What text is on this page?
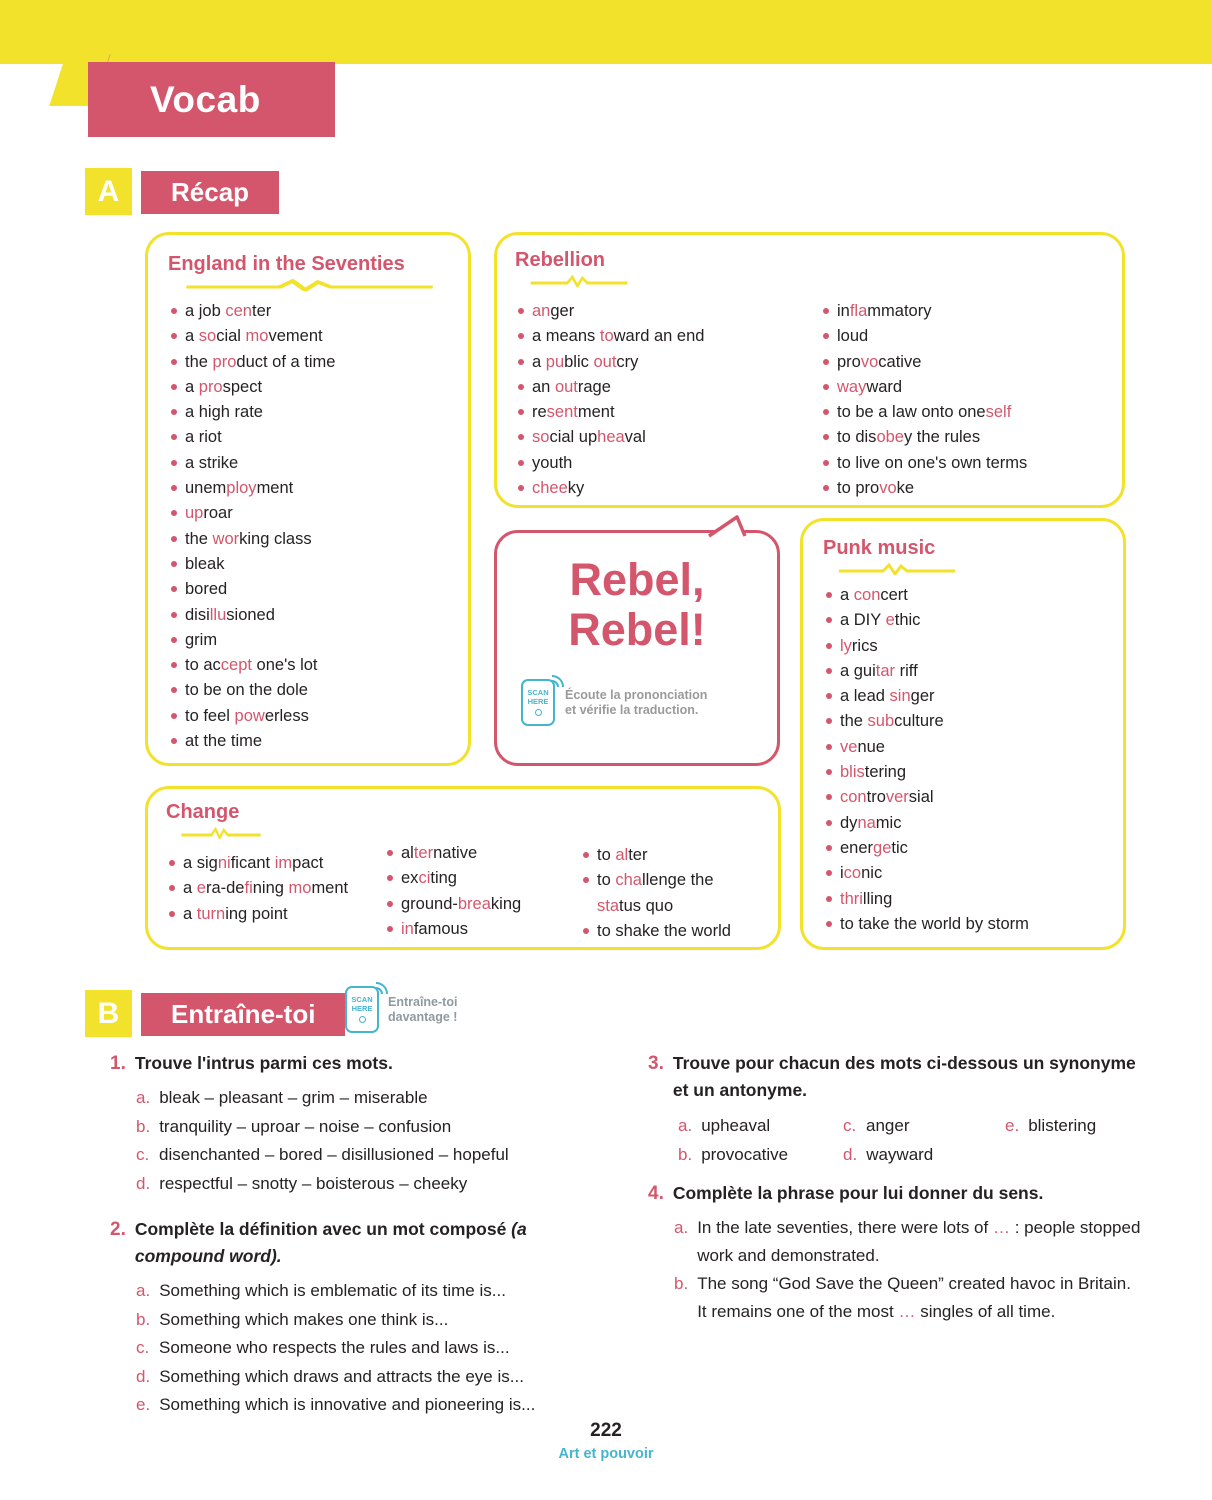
Vocab
A	Récap
England in the Seventies
a job center
a social movement
the product of a time
a prospect
a high rate
a riot
a strike
unemployment
uproar
the working class
bleak
bored
disillusioned
grim
to accept one's lot
to be on the dole
to feel powerless
at the time
Rebellion
anger
a means toward an end
a public outcry
an outrage
resentment
social upheaval
youth
cheeky
inflammatory
loud
provocative
wayward
to be a law onto oneself
to disobey the rules
to live on one's own terms
to provoke
Rebel,
Rebel!
SCAN HERE Écoute la prononciation et vérifie la traduction.
Punk music
a concert
a DIY ethic
lyrics
a guitar riff
a lead singer
the subculture
venue
blistering
controversial
dynamic
energetic
iconic
thrilling
to take the world by storm
Change
a significant impact
a era-defining moment
a turning point
alternative
exciting
ground-breaking
infamous
to alter
to challenge the status quo
to shake the world
B	Entraîne-toi	SCAN HERE Entraîne-toi davantage !
1. Trouve l'intrus parmi ces mots.
a. bleak – pleasant – grim – miserable
b. tranquility – uproar – noise – confusion
c. disenchanted – bored – disillusioned – hopeful
d. respectful – snotty – boisterous – cheeky
2. Complète la définition avec un mot composé (a compound word).
a. Something which is emblematic of its time is...
b. Something which makes one think is...
c. Someone who respects the rules and laws is...
d. Something which draws and attracts the eye is...
e. Something which is innovative and pioneering is...
3. Trouve pour chacun des mots ci-dessous un synonyme et un antonyme.
a. upheaval
b. provocative
c. anger
d. wayward
e. blistering
4. Complète la phrase pour lui donner du sens.
a. In the late seventies, there were lots of … : people stopped work and demonstrated.
b. The song “God Save the Queen” created havoc in Britain. It remains one of the most … singles of all time.
222
Art et pouvoir
